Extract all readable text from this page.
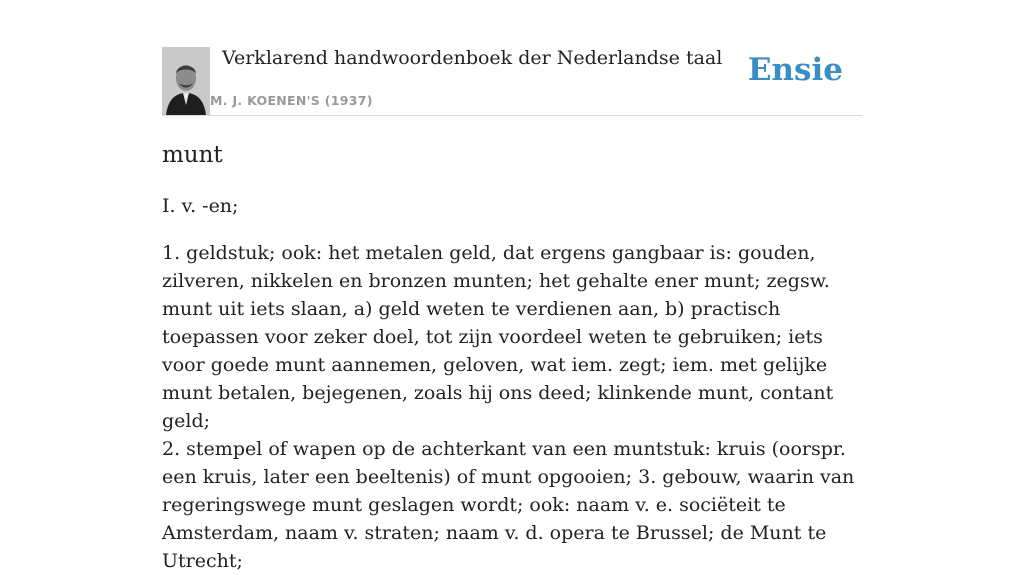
Verklarend handwoordenboek der Nederlandse taal
M. J. KOENEN'S (1937)
Ensie
munt

I. v. -en;

1. geldstuk; ook: het metalen geld, dat ergens gangbaar is: gouden, zilveren, nikkelen en bronzen munten; het gehalte ener munt; zegsw. munt uit iets slaan, a) geld weten te verdienen aan, b) practisch toepassen voor zeker doel, tot zijn voordeel weten te gebruiken; iets voor goede munt aannemen, geloven, wat iem. zegt; iem. met gelijke munt betalen, bejegenen, zoals hij ons deed; klinkende munt, contant geld;

2. stempel of wapen op de achterkant van een muntstuk: kruis (oorspr. een kruis, later een beeltenis) of munt opgooien; 3. gebouw, waarin van regeringswege munt geslagen wordt; ook: naam v. e. sociëteit te Amsterdam, naam v. straten; naam v. d. opera te Brussel; de Munt te Utrecht;
